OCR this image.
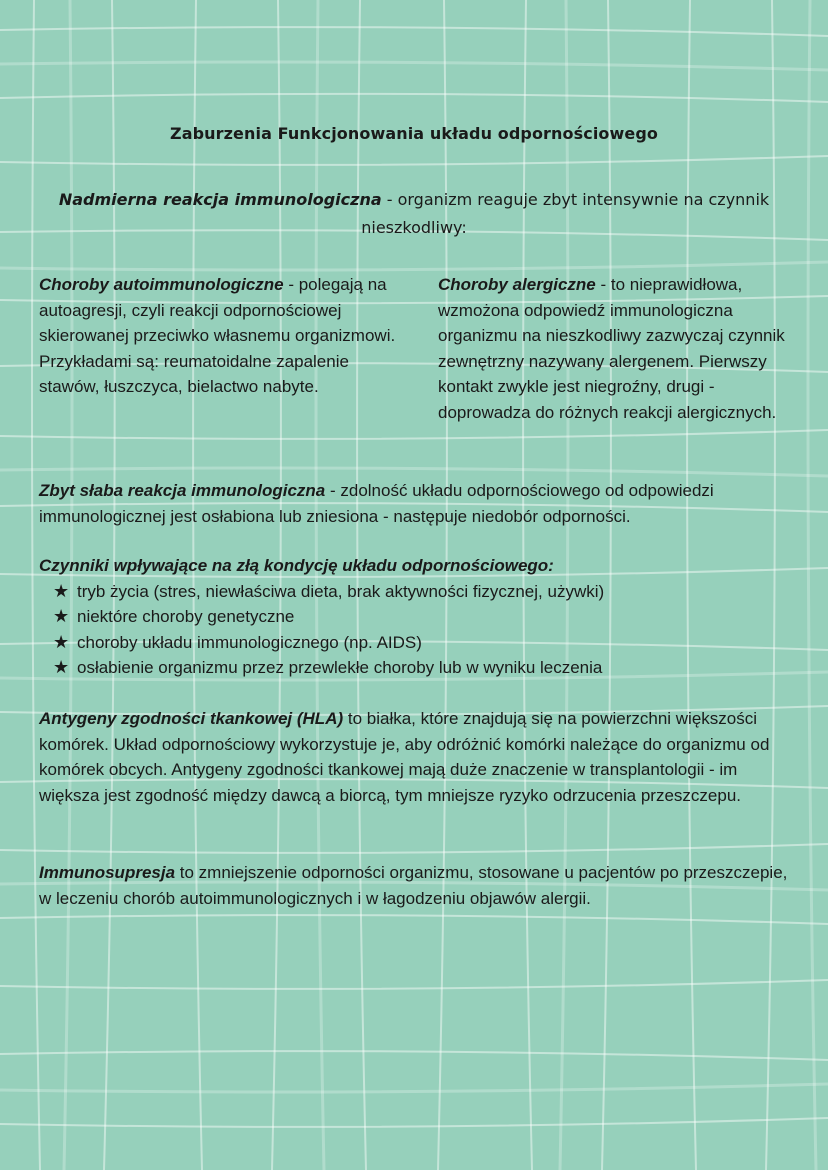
Zaburzenia Funkcjonowania układu odpornościowego
Nadmierna reakcja immunologiczna - organizm reaguje zbyt intensywnie na czynnik nieszkodliwy:
Choroby autoimmunologiczne - polegają na autoagresji, czyli reakcji odpornościowej skierowanej przeciwko własnemu organizmowi. Przykładami są: reumatoidalne zapalenie stawów, łuszczyca, bielactwo nabyte.
Choroby alergiczne - to nieprawidłowa, wzmożona odpowiedź immunologiczna organizmu na nieszkodliwy zazwyczaj czynnik zewnętrzny nazywany alergenem. Pierwszy kontakt zwykle jest niegroźny, drugi - doprowadza do różnych reakcji alergicznych.
Zbyt słaba reakcja immunologiczna - zdolność układu odpornościowego od odpowiedzi immunologicznej jest osłabiona lub zniesiona - następuje niedobór odporności.
Czynniki wpływające na złą kondycję układu odpornościowego:
★ tryb życia (stres, niewłaściwa dieta, brak aktywności fizycznej, używki)
★ niektóre choroby genetyczne
★ choroby układu immunologicznego (np. AIDS)
★ osłabienie organizmu przez przewlekłe choroby lub w wyniku leczenia
Antygeny zgodności tkankowej (HLA) to białka, które znajdują się na powierzchni większości komórek. Układ odpornościowy wykorzystuje je, aby odróżnić komórki należące do organizmu od komórek obcych. Antygeny zgodności tkankowej mają duże znaczenie w transplantologii - im większa jest zgodność między dawcą a biorcą, tym mniejsze ryzyko odrzucenia przeszczepu.
Immunosupresja to zmniejszenie odporności organizmu, stosowane u pacjentów po przeszczepie, w leczeniu chorób autoimmunologicznych i w łagodzeniu objawów alergii.
